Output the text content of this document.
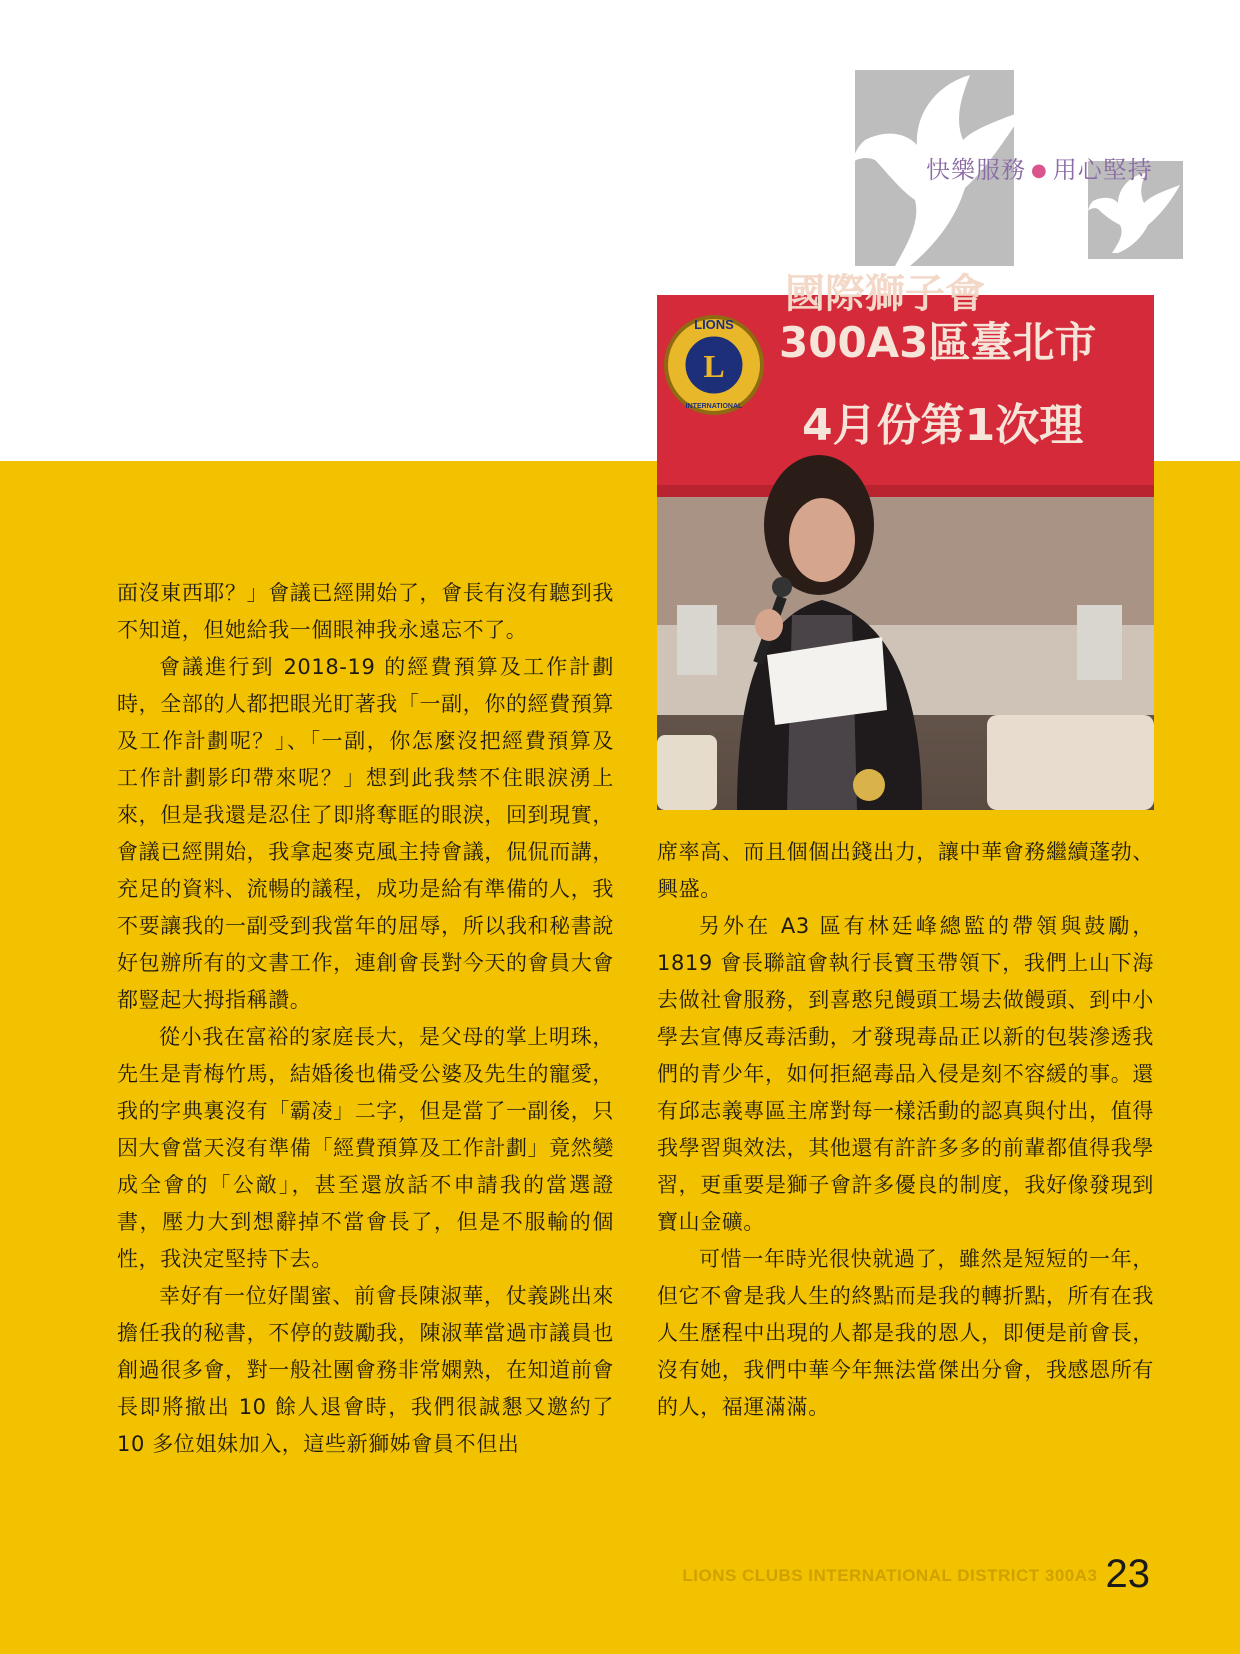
快樂服務 ● 用心堅持
L
LIONS
INTERNATIONAL
國際獅子會
300A3區臺北市
4月份第1次理

面沒東西耶？」會議已經開始了，會長有沒有聽到我不知道，但她給我一個眼神我永遠忘不了。

會議進行到 2018-19 的經費預算及工作計劃時，全部的人都把眼光盯著我「一副，你的經費預算及工作計劃呢？」、「一副，你怎麼沒把經費預算及工作計劃影印帶來呢？」想到此我禁不住眼淚湧上來，但是我還是忍住了即將奪眶的眼淚，回到現實，會議已經開始，我拿起麥克風主持會議，侃侃而講，充足的資料、流暢的議程，成功是給有準備的人，我不要讓我的一副受到我當年的屈辱，所以我和秘書說好包辦所有的文書工作，連創會長對今天的會員大會都豎起大拇指稱讚。

從小我在富裕的家庭長大，是父母的掌上明珠，先生是青梅竹馬，結婚後也備受公婆及先生的寵愛，我的字典裏沒有「霸凌」二字，但是當了一副後，只因大會當天沒有準備「經費預算及工作計劃」竟然變成全會的「公敵」，甚至還放話不申請我的當選證書，壓力大到想辭掉不當會長了，但是不服輸的個性，我決定堅持下去。

幸好有一位好閨蜜、前會長陳淑華，仗義跳出來擔任我的秘書，不停的鼓勵我，陳淑華當過市議員也創過很多會，對一般社團會務非常嫻熟，在知道前會長即將撤出 10 餘人退會時，我們很誠懇又邀約了 10 多位姐妹加入，這些新獅姊會員不但出

席率高、而且個個出錢出力，讓中華會務繼續蓬勃、興盛。

另外在 A3 區有林廷峰總監的帶領與鼓勵，1819 會長聯誼會執行長寶玉帶領下，我們上山下海去做社會服務，到喜憨兒饅頭工場去做饅頭、到中小學去宣傳反毒活動，才發現毒品正以新的包裝滲透我們的青少年，如何拒絕毒品入侵是刻不容緩的事。還有邱志義專區主席對每一樣活動的認真與付出，值得我學習與效法，其他還有許許多多的前輩都值得我學習，更重要是獅子會許多優良的制度，我好像發現到寶山金礦。

可惜一年時光很快就過了，雖然是短短的一年，但它不會是我人生的終點而是我的轉折點，所有在我人生歷程中出現的人都是我的恩人，即便是前會長，沒有她，我們中華今年無法當傑出分會，我感恩所有的人，福運滿滿。

LIONS CLUBS INTERNATIONAL DISTRICT 300A3 23
